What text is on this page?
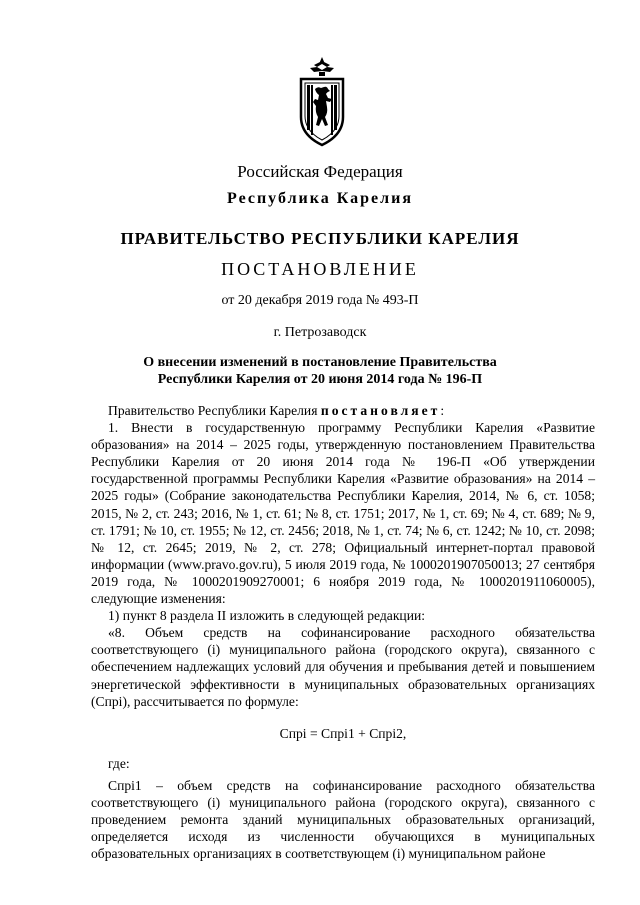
Российская Федерация
Республика Карелия
ПРАВИТЕЛЬСТВО РЕСПУБЛИКИ КАРЕЛИЯ
ПОСТАНОВЛЕНИЕ
от 20 декабря 2019 года № 493-П
г. Петрозаводск
О внесении изменений в постановление Правительства
Республики Карелия от 20 июня 2014 года № 196-П

Правительство Республики Карелия постановляет:

1. Внести в государственную программу Республики Карелия «Развитие образования» на 2014 – 2025 годы, утвержденную постановлением Правительства Республики Карелия от 20 июня 2014 года № 196-П «Об утверждении государственной программы Республики Карелия «Развитие образования» на 2014 – 2025 годы» (Собрание законодательства Республики Карелия, 2014, № 6, ст. 1058; 2015, № 2, ст. 243; 2016, № 1, ст. 61; № 8, ст. 1751; 2017, № 1, ст. 69; № 4, ст. 689; № 9, ст. 1791; № 10, ст. 1955; № 12, ст. 2456; 2018, № 1, ст. 74; № 6, ст. 1242; № 10, ст. 2098; № 12, ст. 2645; 2019, № 2, ст. 278; Официальный интернет-портал правовой информации (www.pravo.gov.ru), 5 июля 2019 года, № 1000201907050013; 27 сентября 2019 года, № 1000201909270001; 6 ноября 2019 года, № 1000201911060005), следующие изменения:

1) пункт 8 раздела II изложить в следующей редакции:

«8. Объем средств на софинансирование расходного обязательства соответствующего (i) муниципального района (городского округа), связанного с обеспечением надлежащих условий для обучения и пребывания детей и повышением энергетической эффективности в муниципальных образовательных организациях (Cпрi), рассчитывается по формуле:

Cпрi = Cпрi1 + Cпрi2,

где:

Cпрi1 – объем средств на софинансирование расходного обязательства соответствующего (i) муниципального района (городского округа), связанного с проведением ремонта зданий муниципальных образовательных организаций, определяется исходя из численности обучающихся в муниципальных образовательных организациях в соответствующем (i) муниципальном районе
